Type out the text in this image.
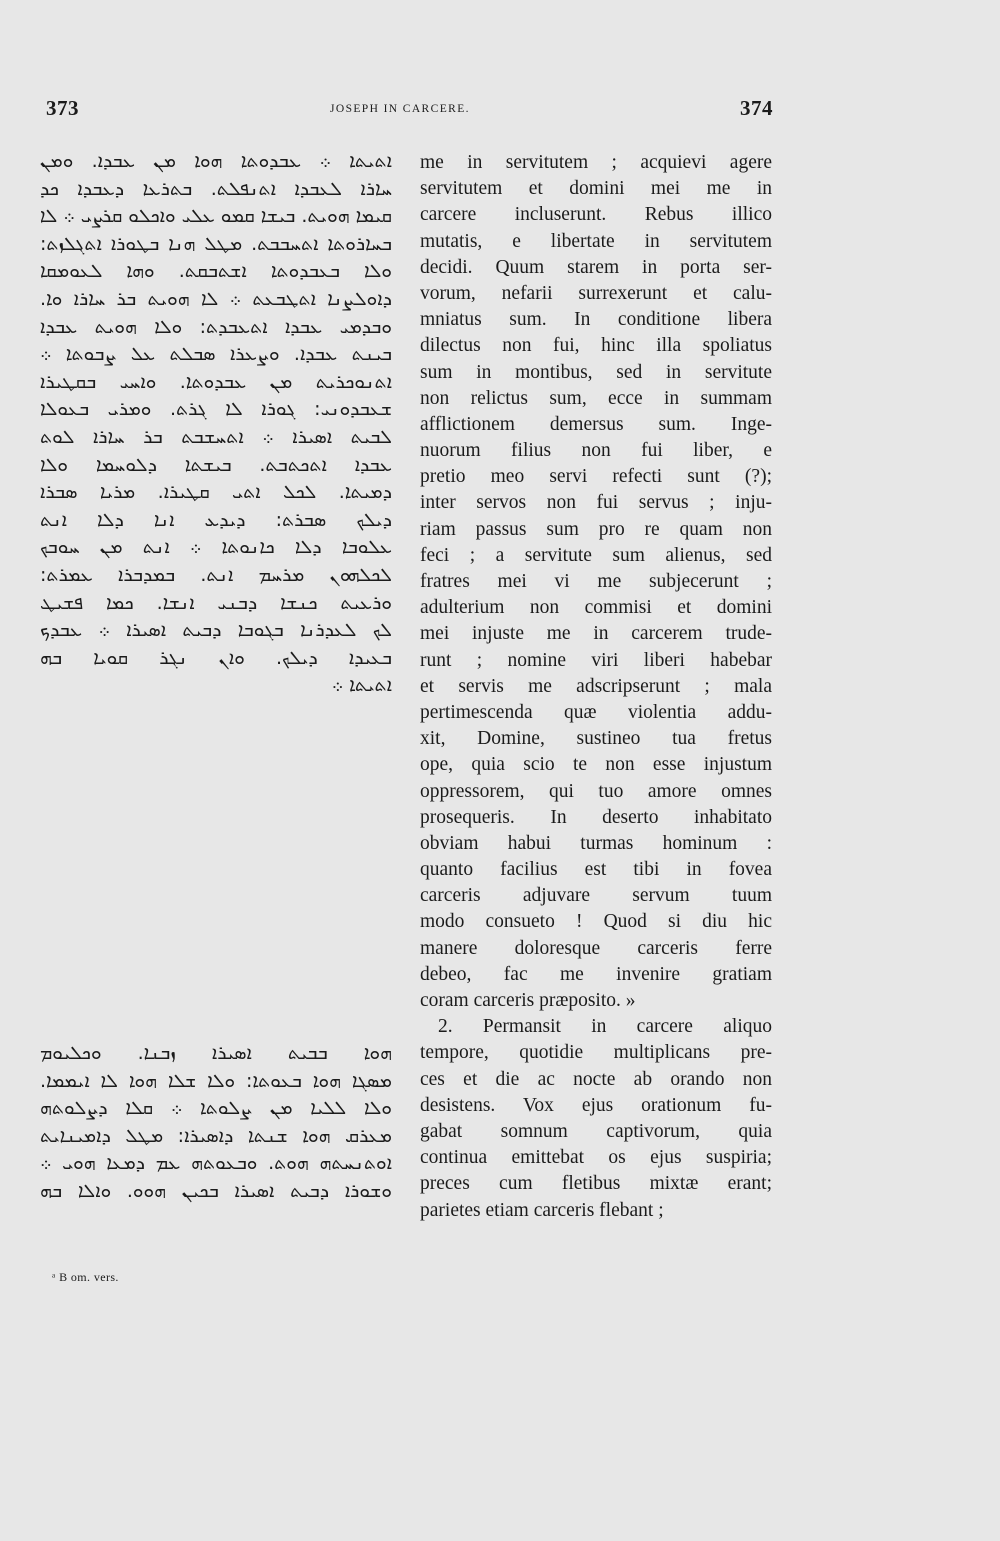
373	JOSEPH IN CARCERE.	374
ܐܬܝܬܐ ܀ ܥܒܕܘܬܐ ܗܘܐ ܡܢ ܥܒܕܐ. ܘܡܢ
ܚܐܪܐ ܠܥܒܕܐ ܐܬܢܦܠܬ. ܒܬܪܥܐ ܕܥܒܕܐ ܟܕ
ܩܝܡܐ ܗܘܝܬ. ܒܝܫܐ ܩܡܘ ܥܠܝ ܘܐܟܠܘ ܩܪܨܝ ܀ ܠܐ
ܒܚܐܪܘܬܐ ܐܬܚܒܒܬ. ܡܛܠ ܗܢܐ ܒܛܘܪܐ ܐܬܓܠܙܬ:
ܘܠܐ ܒܥܒܕܘܬܐ ܐܫܬܒܩܬ. ܘܗܐ ܠܥܘܡܩܐ
ܕܐܘܠܨܢܐ ܐܬܛܒܥܬ ܀ ܠܐ ܗܘܝܬ ܒܪ ܚܐܪܐ ܘܐ.
ܘܒܕܡܝ ܥܒܕܐ ܐܬܥܒܕܬ: ܘܠܐ ܗܘܝܬ ܥܒܕܐ
ܒܝܢܬ ܥܒܕܐ. ܘܨܥܪܐ ܣܒܠܬ ܥܠ ܨܒܘܬܐ ܀
ܐܬܢܘܟܪܝܬ ܡܢ ܥܒܕܘܬܐ. ܘܐܚܝ ܒܩܛܝܪܐ
ܫܥܒܕܘܢܝ: ܓܘܪܐ ܠܐ ܓܪܬ. ܘܡܪܝ ܒܥܘܠܐ
ܠܒܝܬ ܐܣܝܪܐ ܀ ܐܬܚܫܒܬ ܒܪ ܚܐܪܐ ܠܘܬ
ܥܒܕܐ ܐܬܟܬܒܬ. ܒܝܫܬܐ ܕܠܘܚܡܐ ܘܠܐ
ܕܡܝܬܐ. ܠܟܠ ܐܬܝ ܩܛܝܪܐ. ܡܪܝܐ ܣܒܪܐ
ܕܝܠܟ ܣܒܪܬ: ܕܝܕܥ ܐܢܐ ܕܠܐ ܐܢܬ
ܥܠܘܒܐ ܕܠܐ ܟܐܢܘܬܐ ܀ ܐܢܬ ܡܢ ܚܘܒܟ
ܠܟܠܗܘܢ ܡܪܚܡ ܐܢܬ. ܒܡܕܒܪܐ ܥܡܪܬ:
ܘܪܥܝܬ ܟܢܫܐ ܕܒܢܝ ܐܢܫܐ. ܟܡܐ ܦܫܝܛ
ܠܟ ܠܥܕܪܢܐ ܒܓܘܒܐ ܕܒܝܬ ܐܣܝܪܐ ܀ ܥܒܕܟ
ܒܥܝܕܐ ܕܝܠܟ. ܘܐܢ ܢܓܪ ܩܘܝܐ ܒܗ
ܐܬܝܬܐ ܀
ܗܘܐ ܒܒܝܬ ܐܣܝܪܐ ܙܒܢܐ. ܘܟܠܝܘܡ
ܡܣܓܐ ܗܘܐ ܒܥܘܬܐ: ܘܠܐ ܫܠܐ ܗܘܐ ܠܐ ܐܝܡܡܐ.
ܘܠܐ ܠܠܝܐ ܡܢ ܨܠܘܬܐ ܀ ܩܠܐ ܕܨܠܘܬܗ
ܡܥܪܩ ܗܘܐ ܫܢܬܐ ܕܐܣܝܪܐ: ܡܛܠ ܕܐܡܝܢܐܝܬ
ܐܘܬܢܚܬܗ ܗܘܬ. ܘܒܥܘܬܗ ܥܡ ܕܡܥܐ ܗܘܝ ܀
ܘܫܘܪܐ ܕܒܝܬ ܐܣܝܪܐ ܒܟܝܢ ܗܘܘ. ܘܐܠܐ ܒܗ
ᵃ B om. vers.
me in servitutem ; acquievi agere
servitutem et domini mei me in
carcere incluserunt. Rebus illico
mutatis, e libertate in servitutem
decidi. Quum starem in porta ser-
vorum, nefarii surrexerunt et calu-
mniatus sum. In conditione libera
dilectus non fui, hinc illa spoliatus
sum in montibus, sed in servitute
non relictus sum, ecce in summam
afflictionem demersus sum. Inge-
nuorum filius non fui liber, e
pretio meo servi refecti sunt (?);
inter servos non fui servus ; inju-
riam passus sum pro re quam non
feci ; a servitute sum alienus, sed
fratres mei vi me subjecerunt ;
adulterium non commisi et domini
mei injuste me in carcerem trude-
runt ; nomine viri liberi habebar
et servis me adscripserunt ; mala
pertimescenda quæ violentia addu-
xit, Domine, sustineo tua fretus
ope, quia scio te non esse injustum
oppressorem, qui tuo amore omnes
prosequeris. In deserto inhabitato
obviam habui turmas hominum :
quanto facilius est tibi in fovea
carceris adjuvare servum tuum
modo consueto ! Quod si diu hic
manere doloresque carceris ferre
debeo, fac me invenire gratiam
coram carceris præposito. »
2. Permansit in carcere aliquo
tempore, quotidie multiplicans pre-
ces et die ac nocte ab orando non
desistens. Vox ejus orationum fu-
gabat somnum captivorum, quia
continua emittebat os ejus suspiria;
preces cum fletibus mixtæ erant;
parietes etiam carceris flebant ;
